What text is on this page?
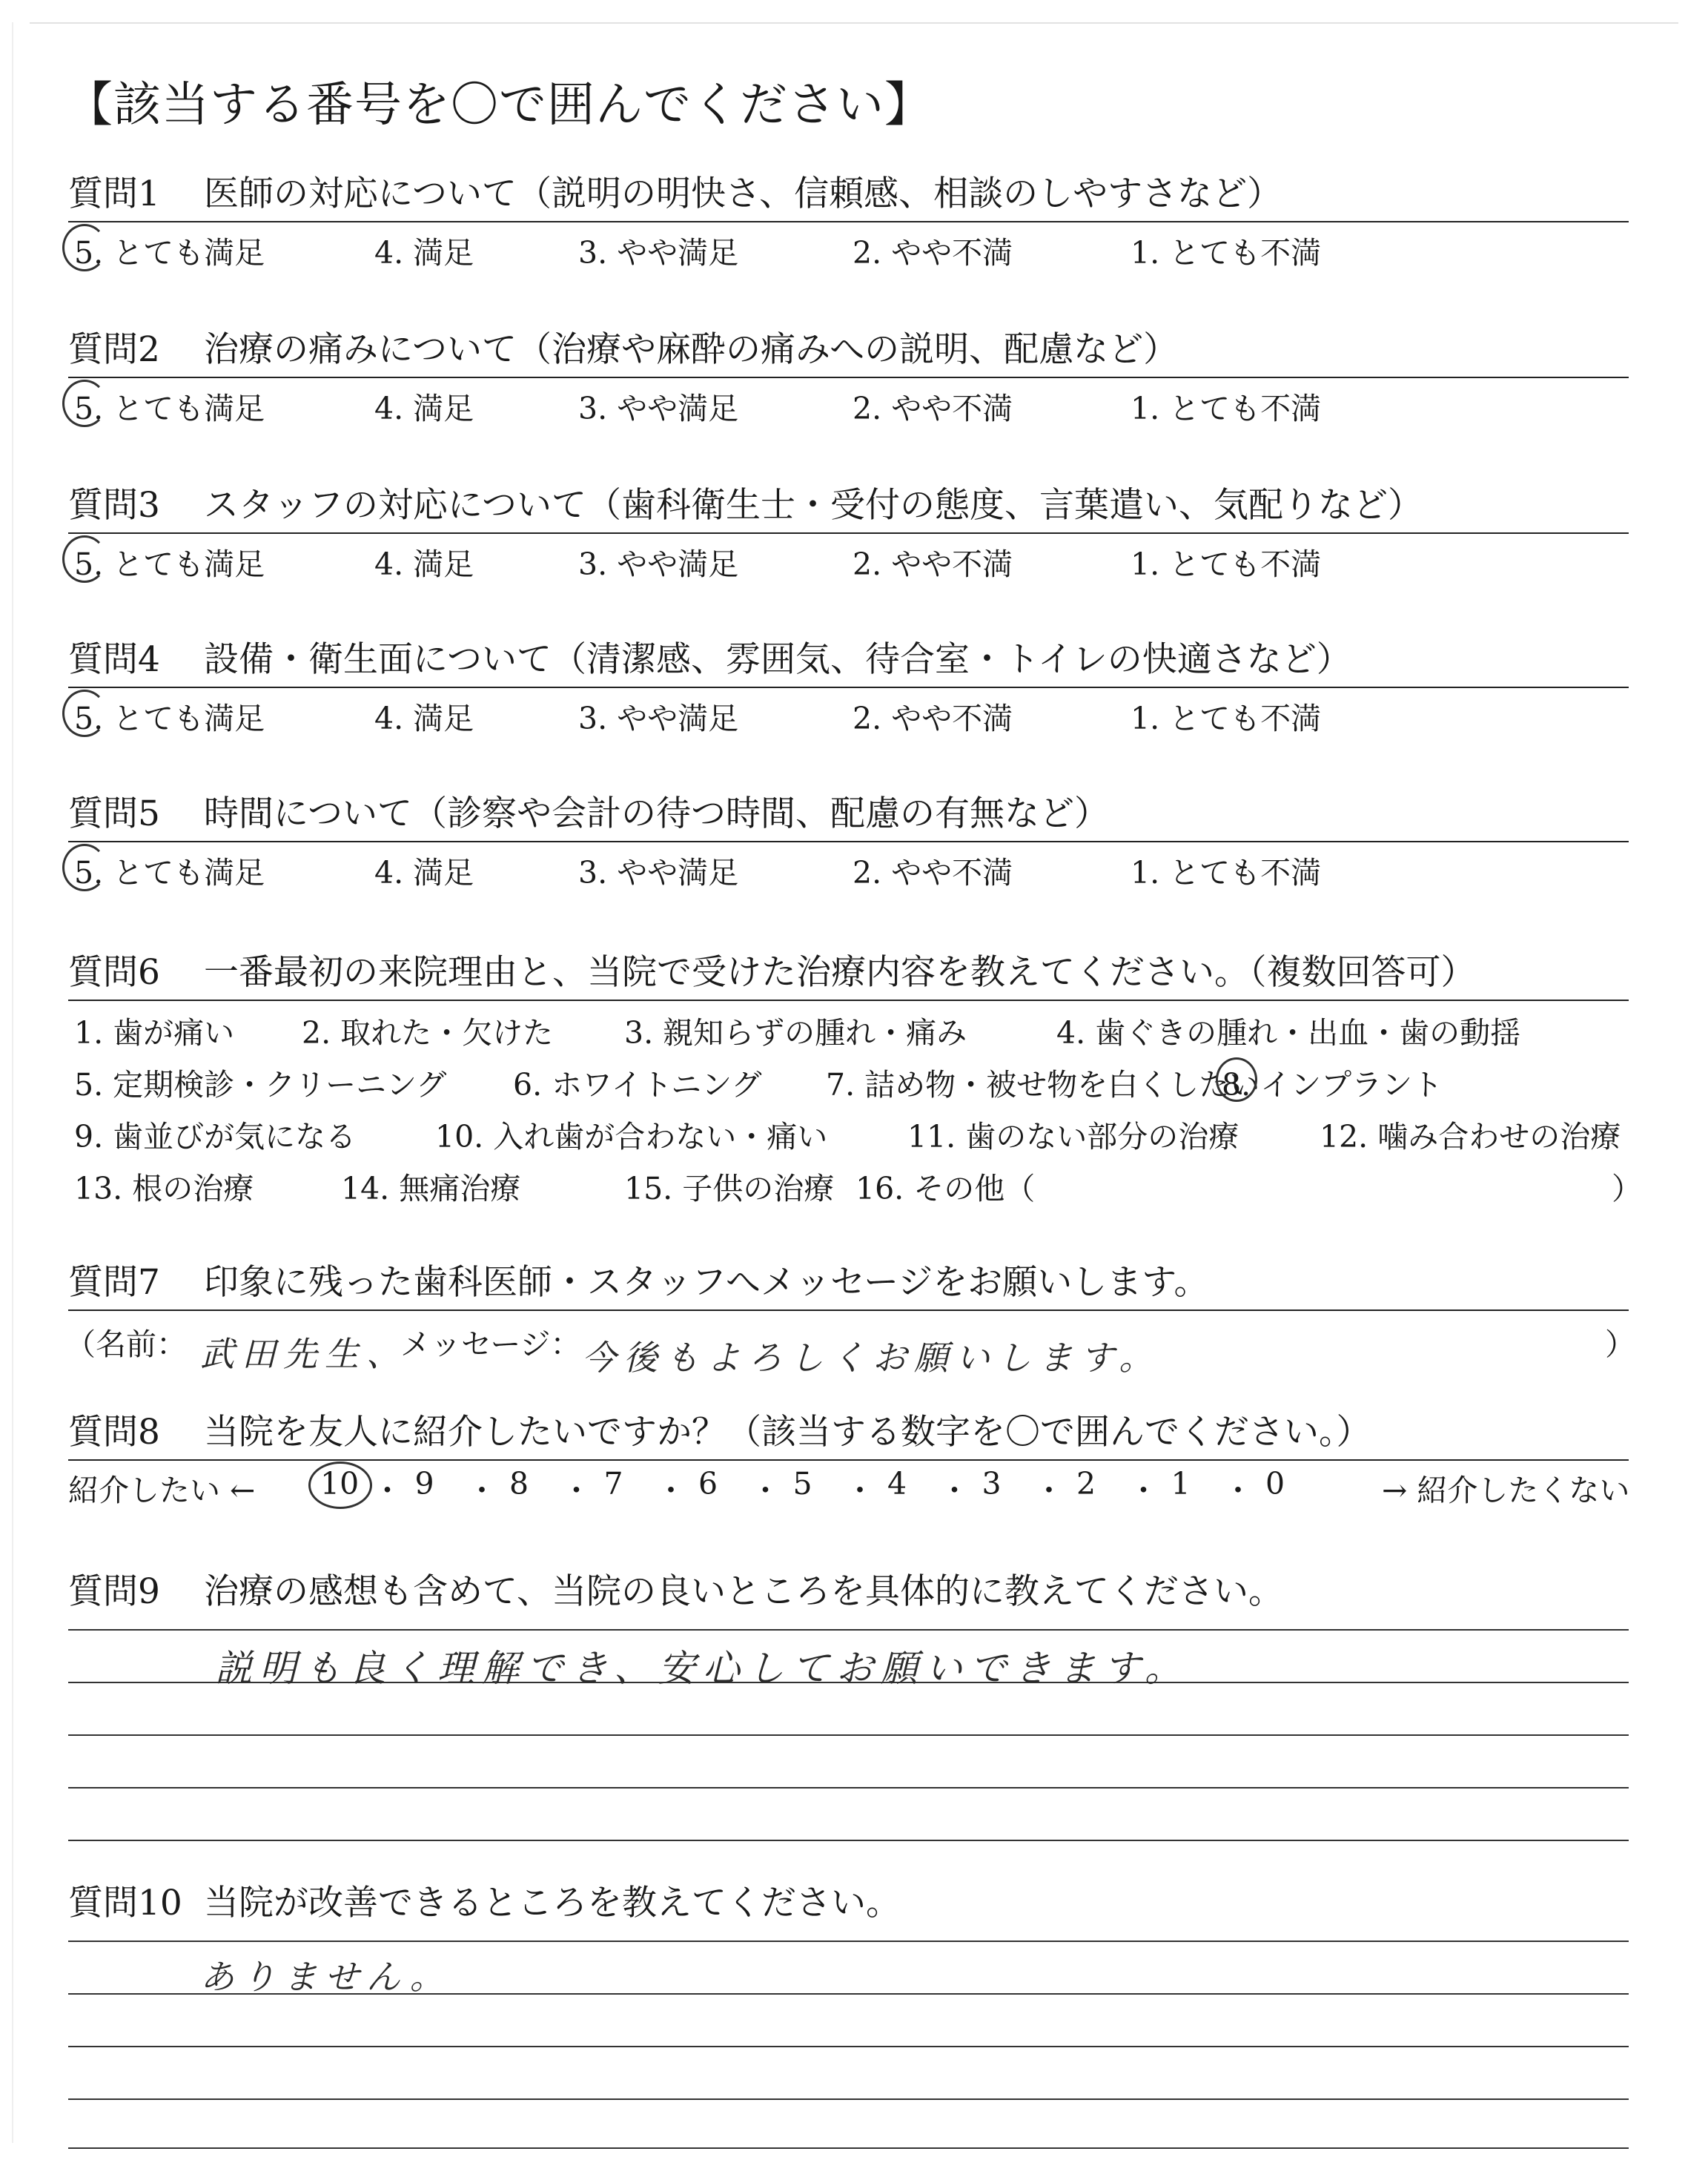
【該当する番号を〇で囲んでください】
質問1 医師の対応について（説明の明快さ、信頼感、相談のしやすさなど）
5. とても満足	4. 満足	3. やや満足	2. やや不満	1. とても不満
質問2 治療の痛みについて（治療や麻酔の痛みへの説明、配慮など）
5. とても満足	4. 満足	3. やや満足	2. やや不満	1. とても不満
質問3 スタッフの対応について（歯科衛生士・受付の態度、言葉遣い、気配りなど）
5. とても満足	4. 満足	3. やや満足	2. やや不満	1. とても不満
質問4 設備・衛生面について（清潔感、雰囲気、待合室・トイレの快適さなど）
5. とても満足	4. 満足	3. やや満足	2. やや不満	1. とても不満
質問5 時間について（診察や会計の待つ時間、配慮の有無など）
5. とても満足	4. 満足	3. やや満足	2. やや不満	1. とても不満
質問6 一番最初の来院理由と、当院で受けた治療内容を教えてください。（複数回答可）
1. 歯が痛い 2. 取れた・欠けた 3. 親知らずの腫れ・痛み	4. 歯ぐきの腫れ・出血・歯の動揺
5. 定期検診・クリーニング 6. ホワイトニング 7. 詰め物・被せ物を白くしたい
8. インプラント
9. 歯並びが気になる	10. 入れ歯が合わない・痛い	11. 歯のない部分の治療	12. 噛み合わせの治療
13. 根の治療	14. 無痛治療	15. 子供の治療 16. その他（	）
質問7 印象に残った歯科医師・スタッフへメッセージをお願いします。
（名前： 武田先生、
メッセージ： 今後もよろしくお願いします。	）
質問8 当院を友人に紹介したいですか？（該当する数字を〇で囲んでください。）
紹介したい ←	→ 紹介したくない
10 ・ 9 ・ 8 ・ 7 ・ 6 ・ 5 ・ 4 ・ 3 ・ 2 ・ 1 ・ 0
質問9 治療の感想も含めて、当院の良いところを具体的に教えてください。
説明も良く理解でき、安心してお願いできます。
質問10 当院が改善できるところを教えてください。
ありません。
